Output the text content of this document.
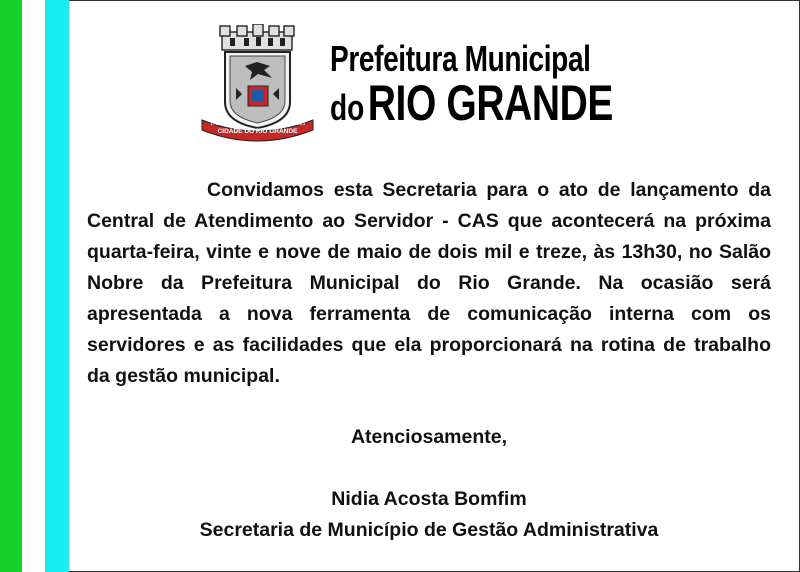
CIDADE DO RIO GRANDE
1737	1835
Prefeitura Municipal
do RIO GRANDE
Convidamos esta Secretaria para o ato de lançamento da Central de Atendimento ao Servidor - CAS que acontecerá na próxima quarta-feira, vinte e nove de maio de dois mil e treze, às 13h30, no Salão Nobre da Prefeitura Municipal do Rio Grande. Na ocasião será apresentada a nova ferramenta de comunicação interna com os servidores e as facilidades que ela proporcionará na rotina de trabalho da gestão municipal.
Atenciosamente,
Nidia Acosta Bomfim
Secretaria de Município de Gestão Administrativa
